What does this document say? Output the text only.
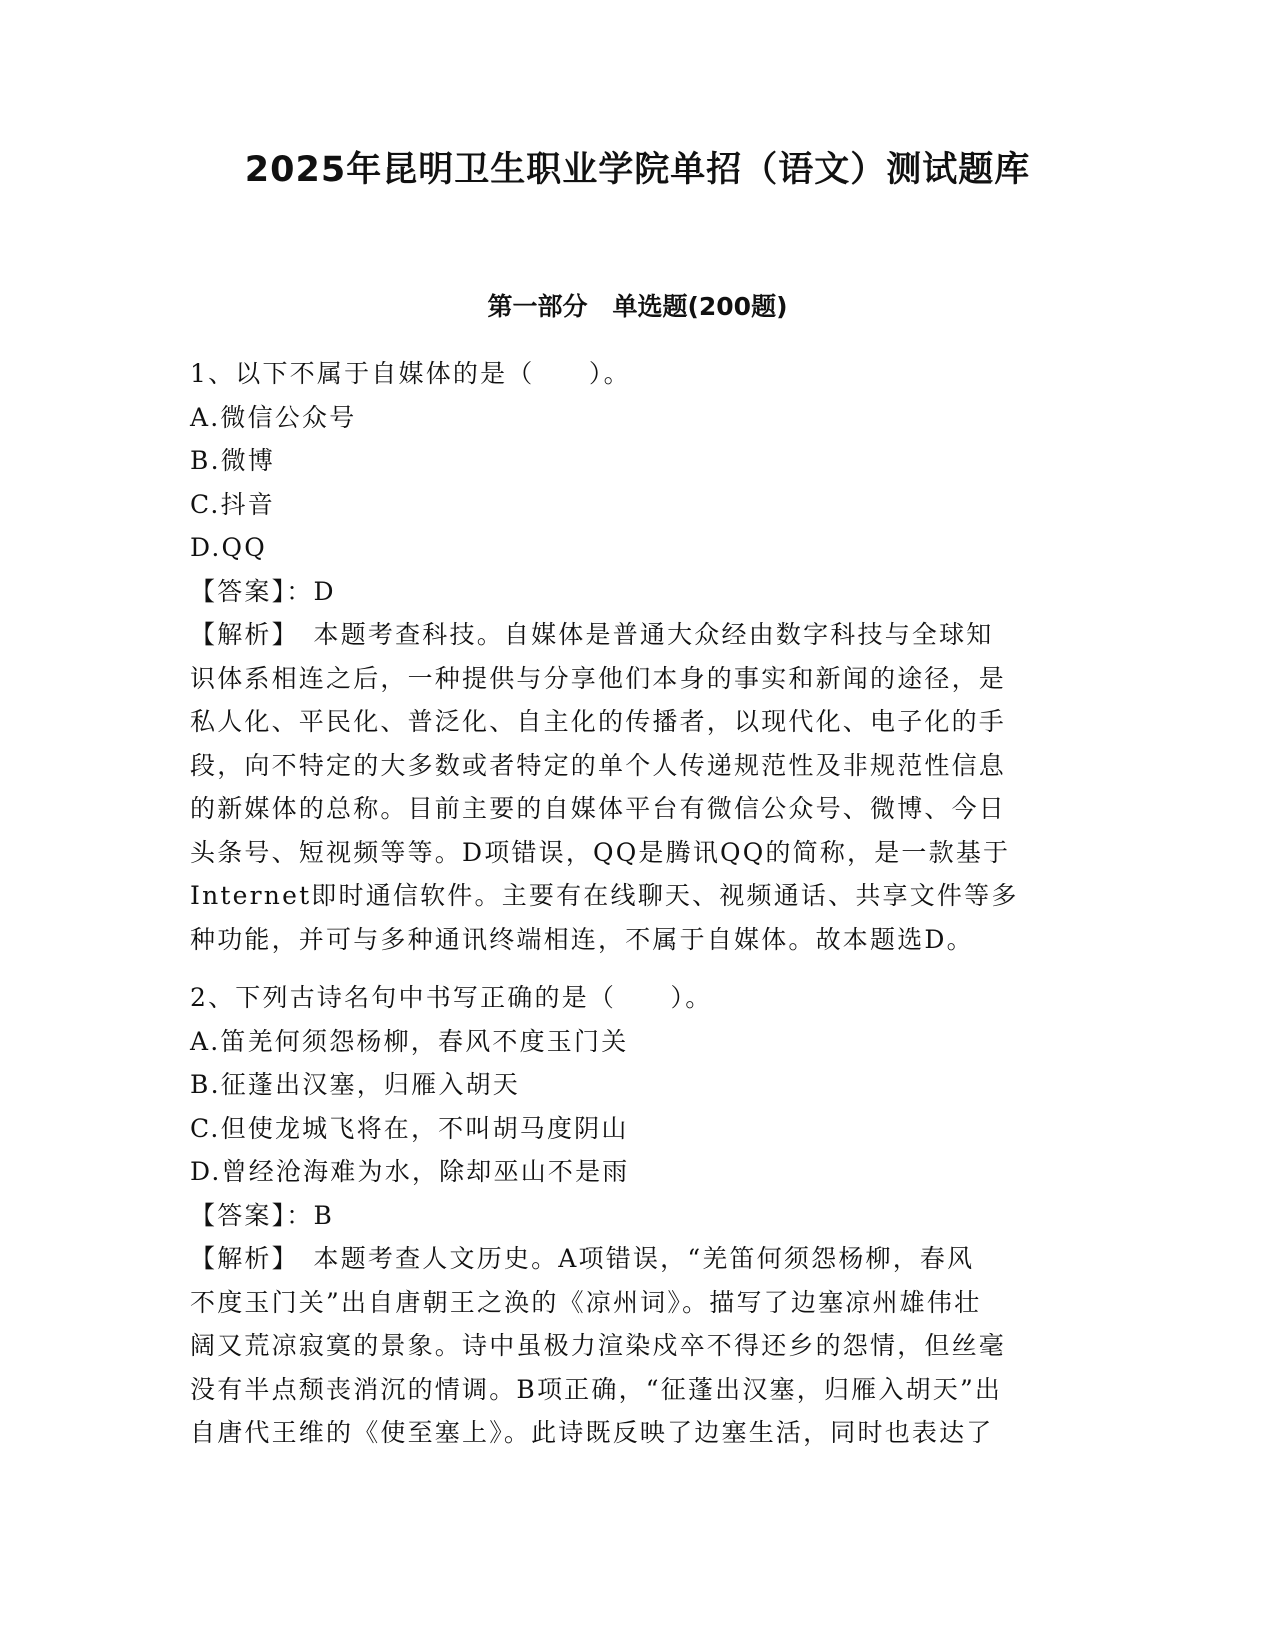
2025年昆明卫生职业学院单招（语文）测试题库
第一部分　单选题(200题)
1、以下不属于自媒体的是（　　）。
A.微信公众号
B.微博
C.抖音
D.QQ
【答案】：D
【解析】　本题考查科技。自媒体是普通大众经由数字科技与全球知
识体系相连之后，一种提供与分享他们本身的事实和新闻的途径，是
私人化、平民化、普泛化、自主化的传播者，以现代化、电子化的手
段，向不特定的大多数或者特定的单个人传递规范性及非规范性信息
的新媒体的总称。目前主要的自媒体平台有微信公众号、微博、今日
头条号、短视频等等。D项错误，QQ是腾讯QQ的简称，是一款基于
Internet即时通信软件。主要有在线聊天、视频通话、共享文件等多
种功能，并可与多种通讯终端相连，不属于自媒体。故本题选D。
2、下列古诗名句中书写正确的是（　　）。
A.笛羌何须怨杨柳，春风不度玉门关
B.征蓬出汉塞，归雁入胡天
C.但使龙城飞将在，不叫胡马度阴山
D.曾经沧海难为水，除却巫山不是雨
【答案】：B
【解析】　本题考查人文历史。A项错误，“羌笛何须怨杨柳，春风
不度玉门关”出自唐朝王之涣的《凉州词》。描写了边塞凉州雄伟壮
阔又荒凉寂寞的景象。诗中虽极力渲染戍卒不得还乡的怨情，但丝毫
没有半点颓丧消沉的情调。B项正确，“征蓬出汉塞，归雁入胡天”出
自唐代王维的《使至塞上》。此诗既反映了边塞生活，同时也表达了
